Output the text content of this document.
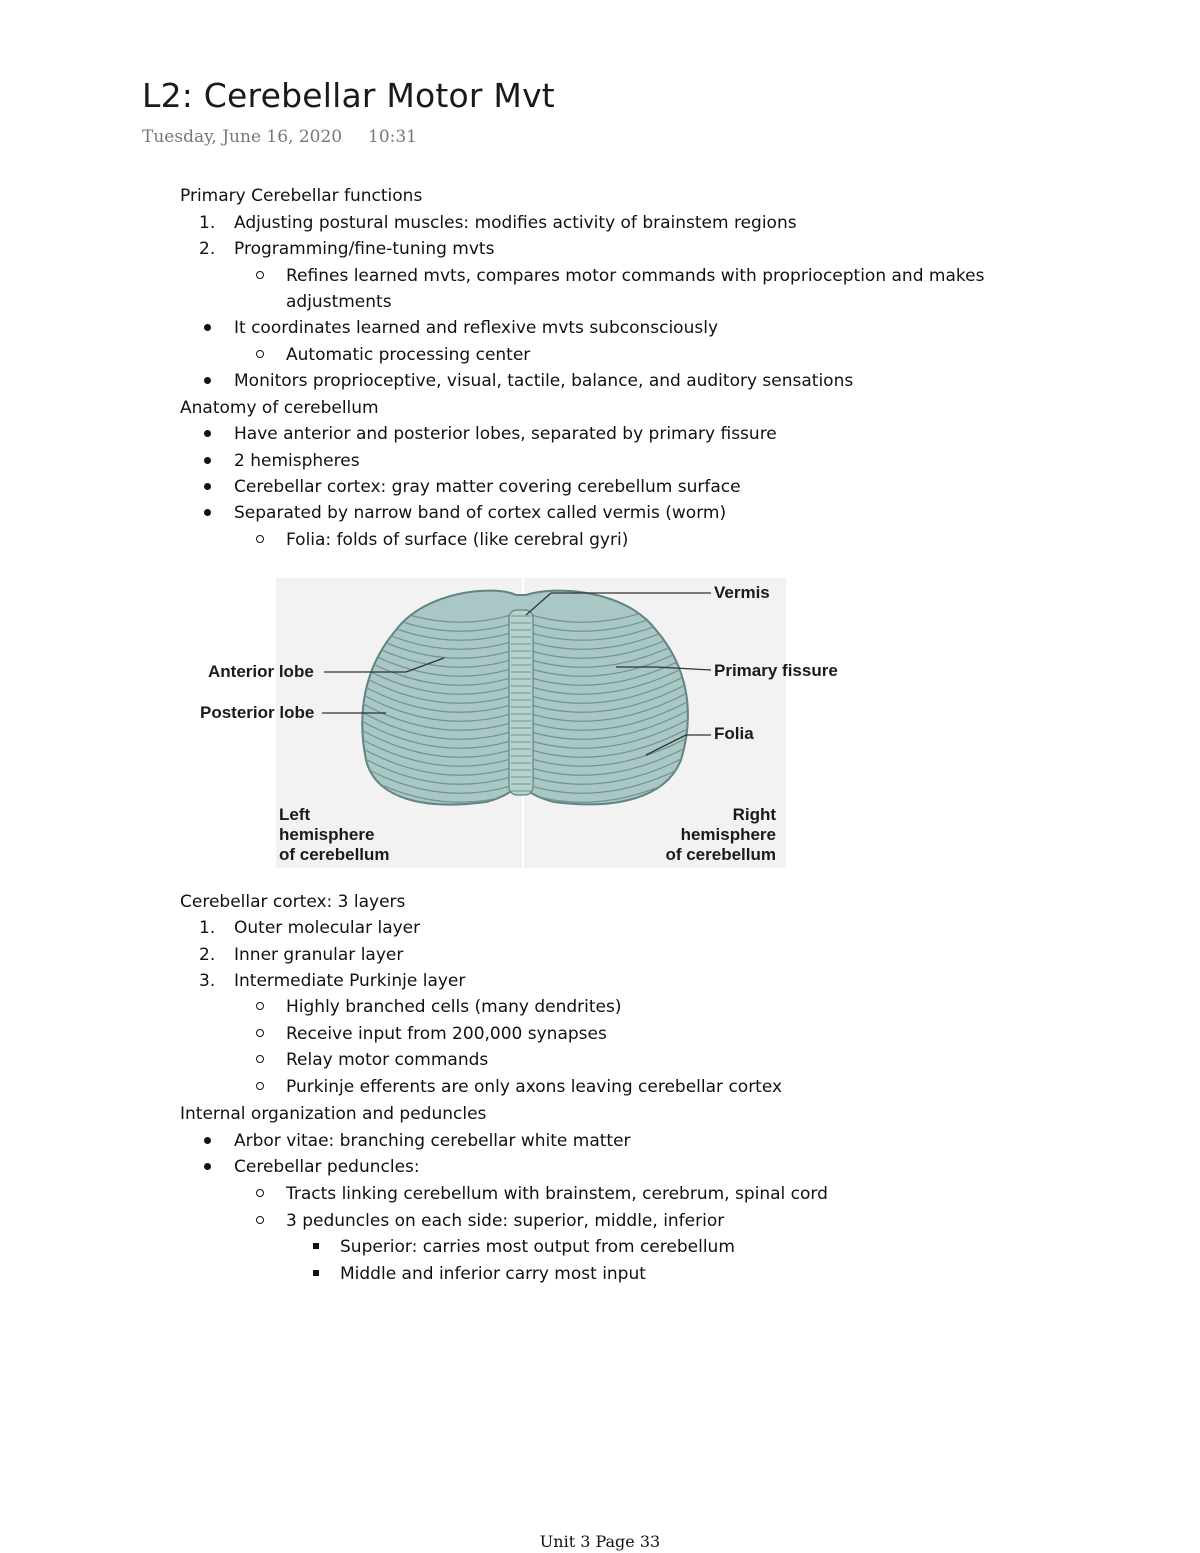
L2: Cerebellar Motor Mvt
Tuesday, June 16, 2020 10:31
Primary Cerebellar functions
1. Adjusting postural muscles: modifies activity of brainstem regions
2. Programming/fine-tuning mvts
Refines learned mvts, compares motor commands with proprioception and makes
adjustments
It coordinates learned and reflexive mvts subconsciously
Automatic processing center
Monitors proprioceptive, visual, tactile, balance, and auditory sensations
Anatomy of cerebellum
Have anterior and posterior lobes, separated by primary fissure
2 hemispheres
Cerebellar cortex: gray matter covering cerebellum surface
Separated by narrow band of cortex called vermis (worm)
Folia: folds of surface (like cerebral gyri)
Vermis
Anterior lobe	Primary fissure
Posterior lobe
Folia
Left
hemisphere
of cerebellum
Right
hemisphere
of cerebellum
Cerebellar cortex: 3 layers
1. Outer molecular layer
2. Inner granular layer
3. Intermediate Purkinje layer
Highly branched cells (many dendrites)
Receive input from 200,000 synapses
Relay motor commands
Purkinje efferents are only axons leaving cerebellar cortex
Internal organization and peduncles
Arbor vitae: branching cerebellar white matter
Cerebellar peduncles:
Tracts linking cerebellum with brainstem, cerebrum, spinal cord
3 peduncles on each side: superior, middle, inferior
Superior: carries most output from cerebellum
Middle and inferior carry most input
Unit 3 Page 33
